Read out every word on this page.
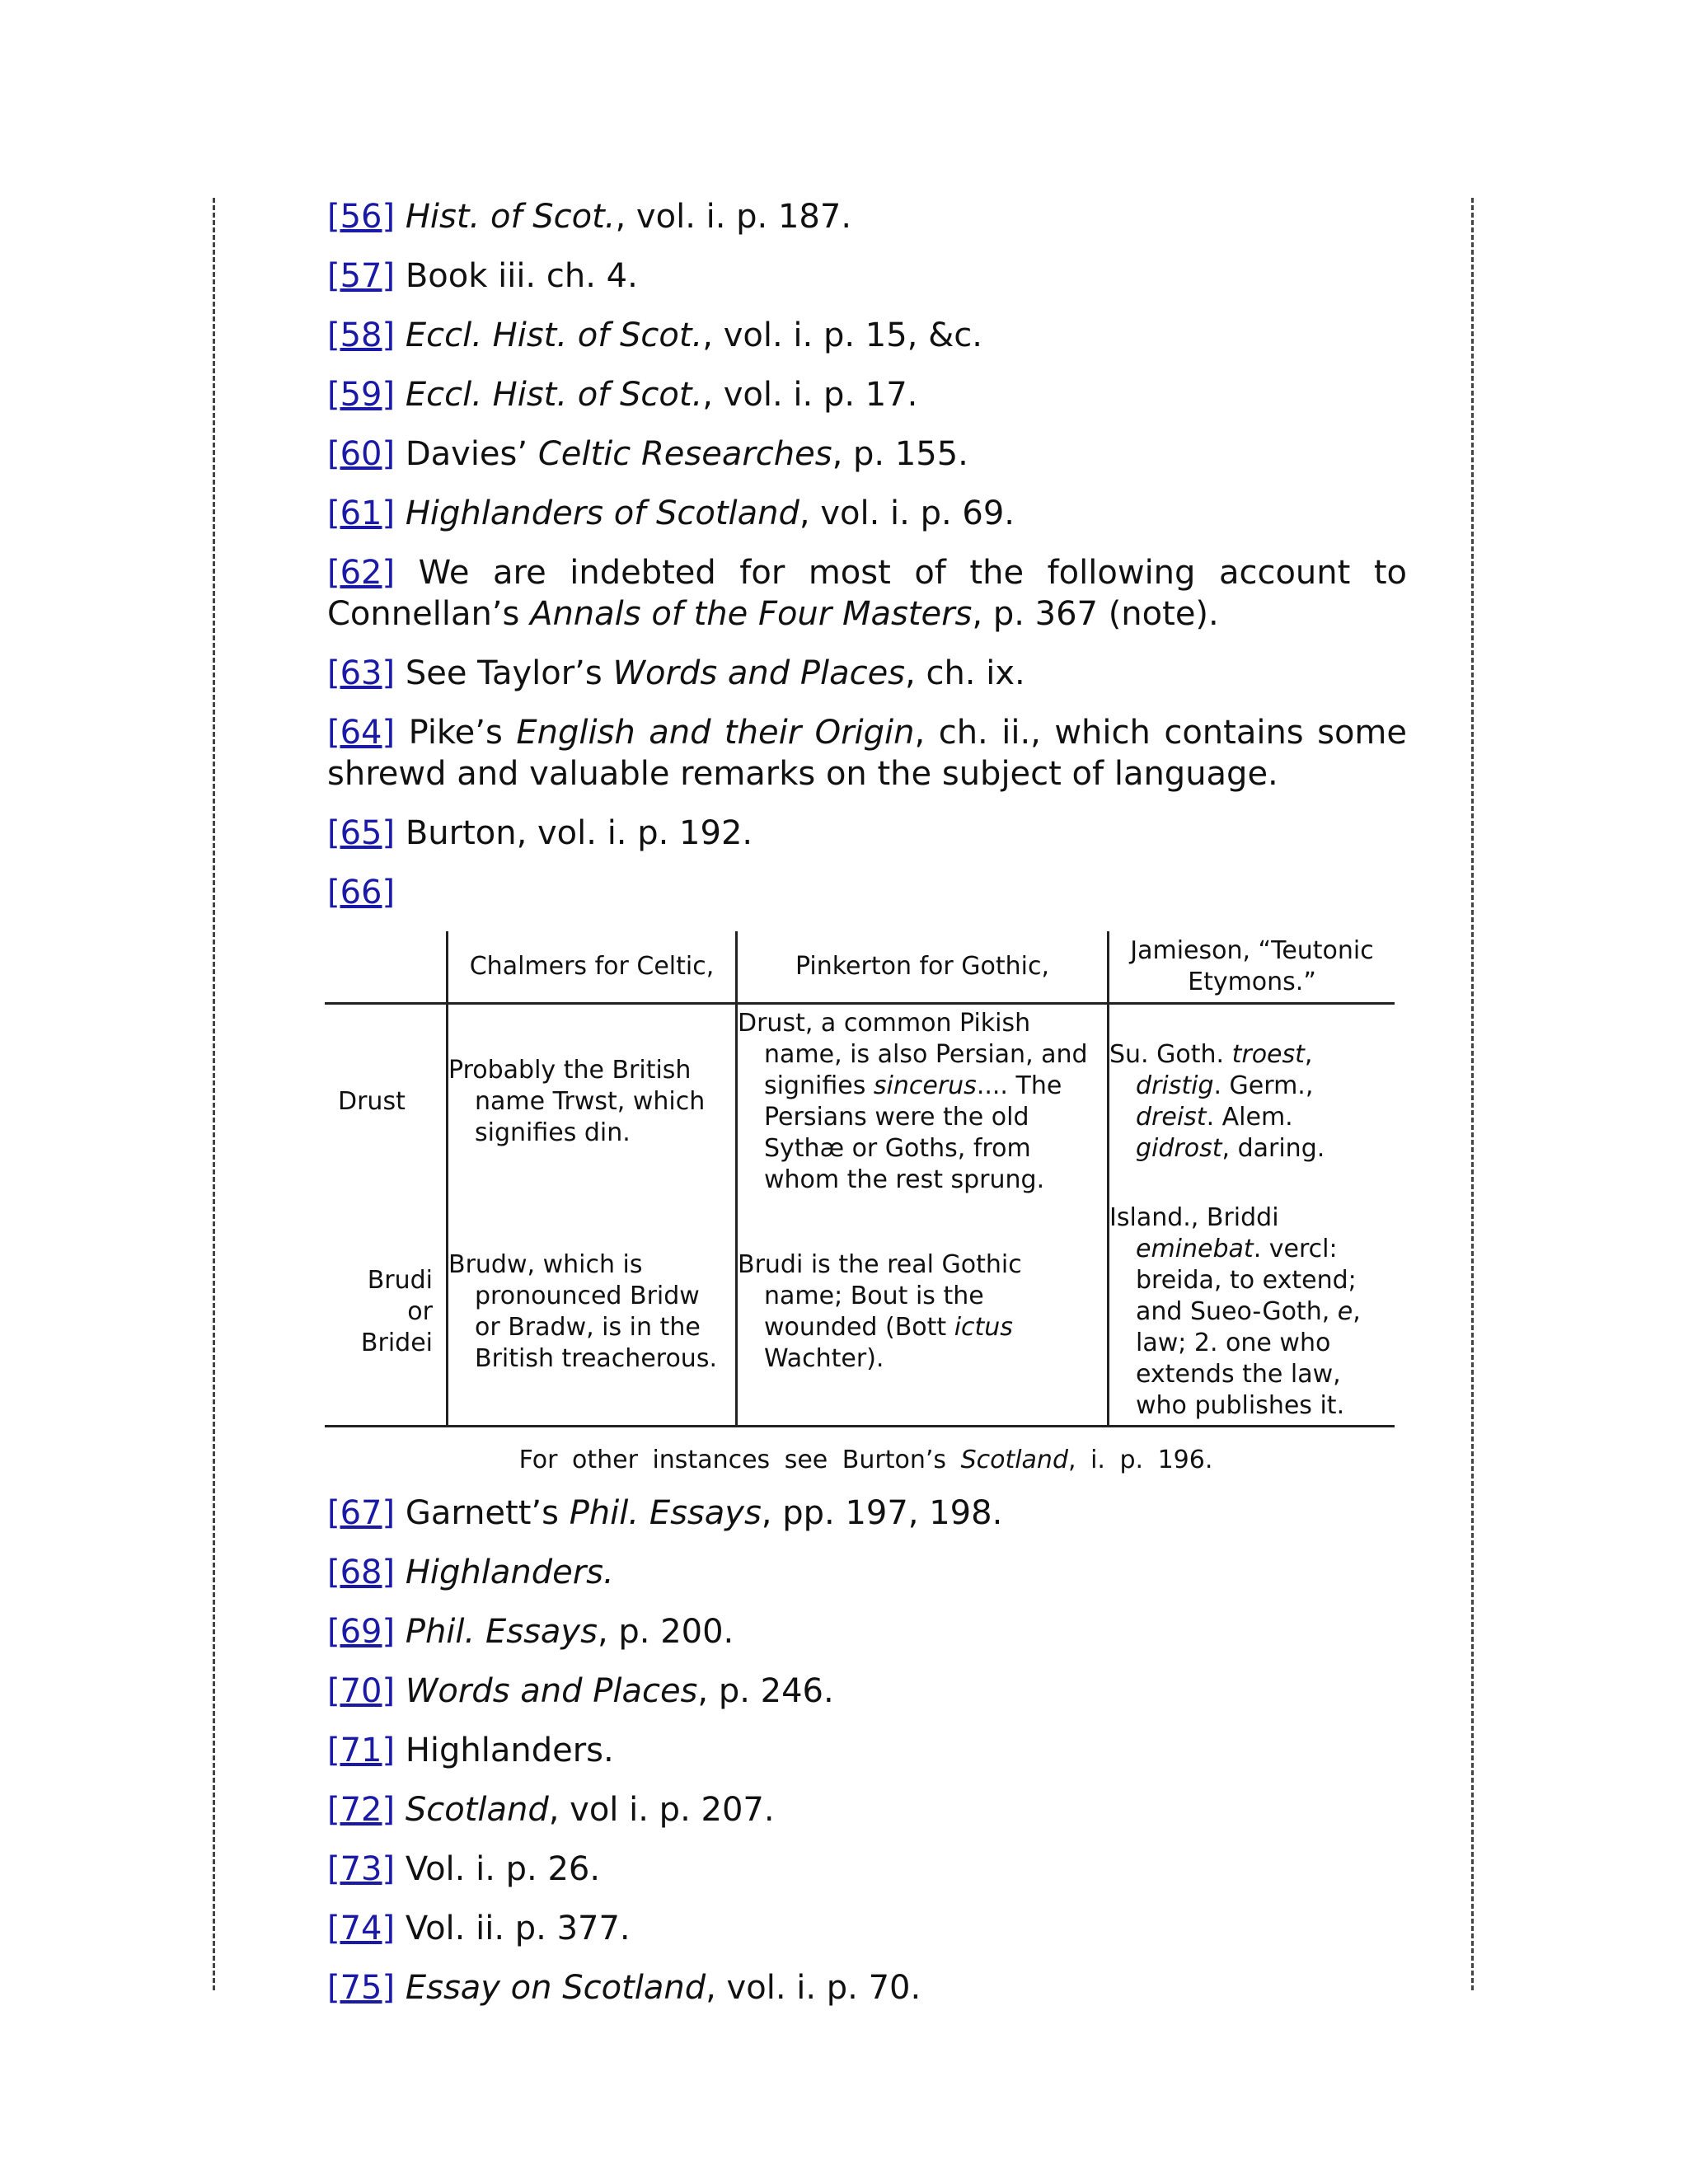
[56] Hist. of Scot., vol. i. p. 187.

[57] Book iii. ch. 4.

[58] Eccl. Hist. of Scot., vol. i. p. 15, &c.

[59] Eccl. Hist. of Scot., vol. i. p. 17.

[60] Davies’ Celtic Researches, p. 155.

[61] Highlanders of Scotland, vol. i. p. 69.

[62] We are indebted for most of the following account to Connellan’s Annals of the Four Masters, p. 367 (note).

[63] See Taylor’s Words and Places, ch. ix.

[64] Pike’s English and their Origin, ch. ii., which contains some shrewd and valuable remarks on the subject of language.

[65] Burton, vol. i. p. 192.

[66]

	Chalmers for Celtic,	Pinkerton for Gothic,	Jamieson, “Teutonic Etymons.”
Drust	Probably the British name Trwst, which signifies din.	Drust, a common Pikish name, is also Persian, and signifies sincerus.... The Persians were the old Sythæ or Goths, from whom the rest sprung.	Su. Goth. troest, dristig. Germ., dreist. Alem. gidrost, daring.
Brudi or Bridei	Brudw, which is pronounced Bridw or Bradw, is in the British treacherous.	Brudi is the real Gothic name; Bout is the wounded (Bott ictus Wachter).	Island., Briddi eminebat. vercl: breida, to extend; and Sueo-Goth, e, law; 2. one who extends the law, who publishes it.
For other instances see Burton’s Scotland, i. p. 196.

[67] Garnett’s Phil. Essays, pp. 197, 198.

[68] Highlanders.

[69] Phil. Essays, p. 200.

[70] Words and Places, p. 246.

[71] Highlanders.

[72] Scotland, vol i. p. 207.

[73] Vol. i. p. 26.

[74] Vol. ii. p. 377.

[75] Essay on Scotland, vol. i. p. 70.
